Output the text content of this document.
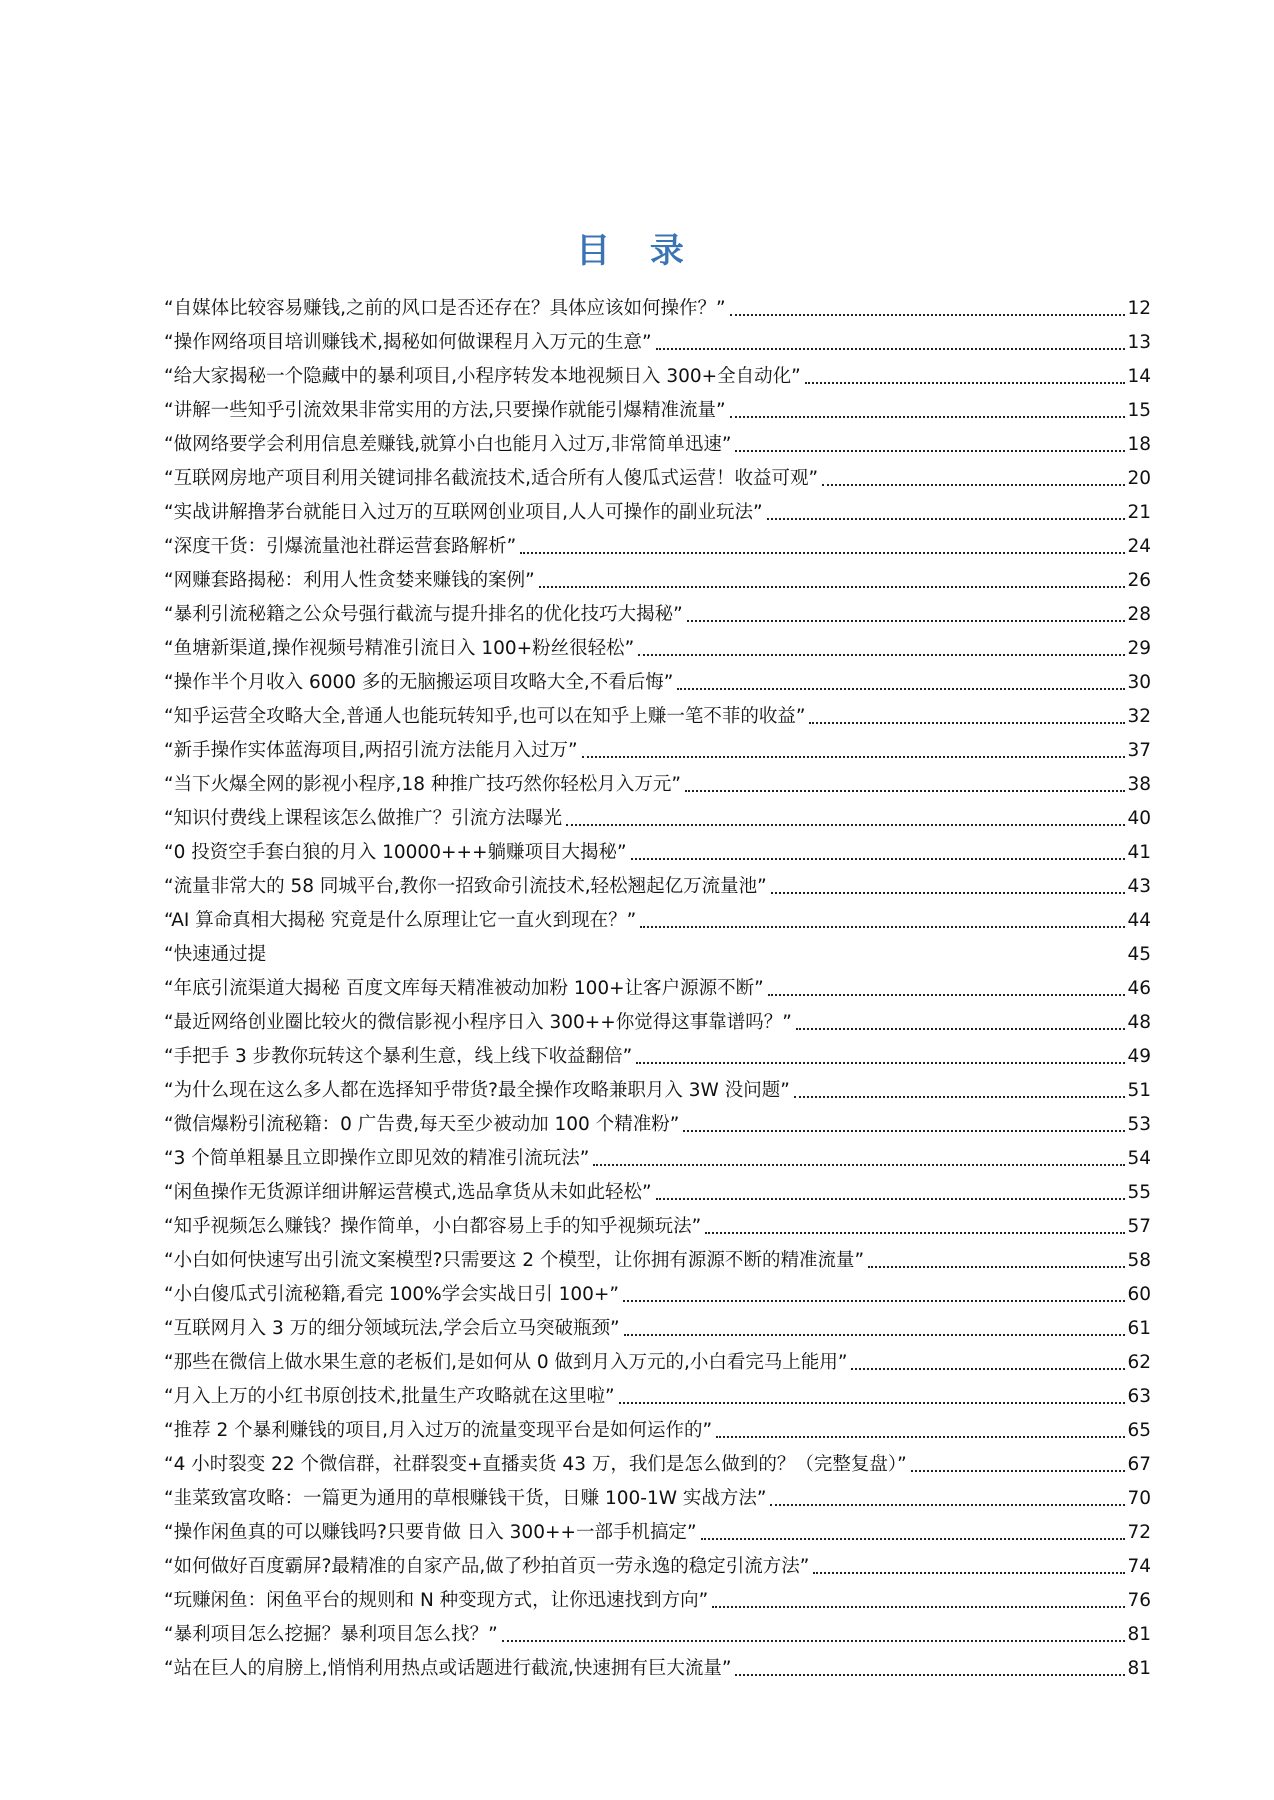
目 录
“自媒体比较容易赚钱,之前的风口是否还存在？具体应该如何操作？”	12
“操作网络项目培训赚钱术,揭秘如何做课程月入万元的生意”	13
“给大家揭秘一个隐藏中的暴利项目,小程序转发本地视频日入 300+全自动化”	14
“讲解一些知乎引流效果非常实用的方法,只要操作就能引爆精准流量”	15
“做网络要学会利用信息差赚钱,就算小白也能月入过万,非常简单迅速”	18
“互联网房地产项目利用关键词排名截流技术,适合所有人傻瓜式运营！收益可观”	20
“实战讲解撸茅台就能日入过万的互联网创业项目,人人可操作的副业玩法”	21
“深度干货：引爆流量池社群运营套路解析”	24
“网赚套路揭秘：利用人性贪婪来赚钱的案例”	26
“暴利引流秘籍之公众号强行截流与提升排名的优化技巧大揭秘”	28
“鱼塘新渠道,操作视频号精准引流日入 100+粉丝很轻松”	29
“操作半个月收入 6000 多的无脑搬运项目攻略大全,不看后悔”	30
“知乎运营全攻略大全,普通人也能玩转知乎,也可以在知乎上赚一笔不菲的收益”	32
“新手操作实体蓝海项目,两招引流方法能月入过万”	37
“当下火爆全网的影视小程序,18 种推广技巧然你轻松月入万元”	38
“知识付费线上课程该怎么做推广？引流方法曝光	40
“0 投资空手套白狼的月入 10000+++躺赚项目大揭秘”	41
“流量非常大的 58 同城平台,教你一招致命引流技术,轻松翘起亿万流量池”	43
“AI 算命真相大揭秘 究竟是什么原理让它一直火到现在？”	44
“快速通过提	45
“年底引流渠道大揭秘 百度文库每天精准被动加粉 100+让客户源源不断”	46
“最近网络创业圈比较火的微信影视小程序日入 300++你觉得这事靠谱吗？”	48
“手把手 3 步教你玩转这个暴利生意，线上线下收益翻倍”	49
“为什么现在这么多人都在选择知乎带货?最全操作攻略兼职月入 3W 没问题”	51
“微信爆粉引流秘籍：0 广告费,每天至少被动加 100 个精准粉”	53
“3 个简单粗暴且立即操作立即见效的精准引流玩法”	54
“闲鱼操作无货源详细讲解运营模式,选品拿货从未如此轻松”	55
“知乎视频怎么赚钱？操作简单，小白都容易上手的知乎视频玩法”	57
“小白如何快速写出引流文案模型?只需要这 2 个模型，让你拥有源源不断的精准流量”	58
“小白傻瓜式引流秘籍,看完 100%学会实战日引 100+”	60
“互联网月入 3 万的细分领域玩法,学会后立马突破瓶颈”	61
“那些在微信上做水果生意的老板们,是如何从 0 做到月入万元的,小白看完马上能用”	62
“月入上万的小红书原创技术,批量生产攻略就在这里啦”	63
“推荐 2 个暴利赚钱的项目,月入过万的流量变现平台是如何运作的”	65
“4 小时裂变 22 个微信群，社群裂变+直播卖货 43 万，我们是怎么做到的？（完整复盘）”	67
“韭菜致富攻略：一篇更为通用的草根赚钱干货，日赚 100-1W 实战方法”	70
“操作闲鱼真的可以赚钱吗?只要肯做 日入 300++一部手机搞定”	72
“如何做好百度霸屏?最精准的自家产品,做了秒拍首页一劳永逸的稳定引流方法”	74
“玩赚闲鱼：闲鱼平台的规则和 N 种变现方式，让你迅速找到方向”	76
“暴利项目怎么挖掘？暴利项目怎么找？”	81
“站在巨人的肩膀上,悄悄利用热点或话题进行截流,快速拥有巨大流量”	81
